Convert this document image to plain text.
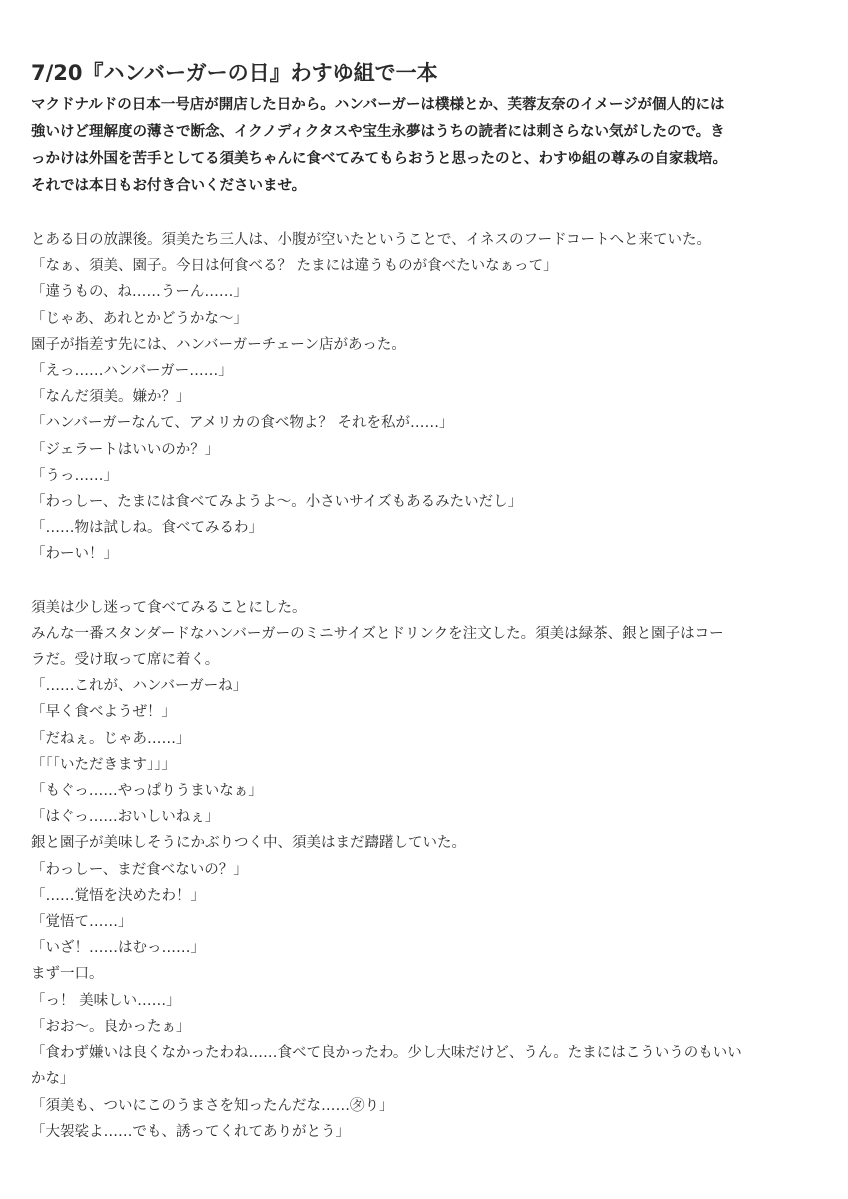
7/20『ハンバーガーの日』わすゆ組で一本
マクドナルドの日本一号店が開店した日から。ハンバーガーは樸様とか、芙蓉友奈のイメージが個人的には
強いけど理解度の薄さで断念、イクノディクタスや宝生永夢はうちの読者には刺さらない気がしたので。き
っかけは外国を苦手としてる須美ちゃんに食べてみてもらおうと思ったのと、わすゆ組の尊みの自家栽培。
それでは本日もお付き合いくださいませ。
とある日の放課後。須美たち三人は、小腹が空いたということで、イネスのフードコートへと来ていた。
「なぁ、須美、園子。今日は何食べる？ たまには違うものが食べたいなぁって」
「違うもの、ね……うーん……」
「じゃあ、あれとかどうかな〜」
園子が指差す先には、ハンバーガーチェーン店があった。
「えっ……ハンバーガー……」
「なんだ須美。嫌か？」
「ハンバーガーなんて、アメリカの食べ物よ？ それを私が……」
「ジェラートはいいのか？」
「うっ……」
「わっしー、たまには食べてみようよ〜。小さいサイズもあるみたいだし」
「……物は試しね。食べてみるわ」
「わーい！」
須美は少し迷って食べてみることにした。
みんな一番スタンダードなハンバーガーのミニサイズとドリンクを注文した。須美は緑茶、銀と園子はコー
ラだ。受け取って席に着く。
「……これが、ハンバーガーね」
「早く食べようぜ！」
「だねぇ。じゃあ……」
「「「いただきます」」」
「もぐっ……やっぱりうまいなぁ」
「はぐっ……おいしいねぇ」
銀と園子が美味しそうにかぶりつく中、須美はまだ躊躇していた。
「わっしー、まだ食べないの？」
「……覚悟を決めたわ！」
「覚悟て……」
「いざ！……はむっ……」
まず一口。
「っ！ 美味しい……」
「おお〜。良かったぁ」
「食わず嫌いは良くなかったわね……食べて良かったわ。少し大味だけど、うん。たまにはこういうのもいい
かな」
「須美も、ついにこのうまさを知ったんだな……㋟り」
「大袈裟よ……でも、誘ってくれてありがとう」
